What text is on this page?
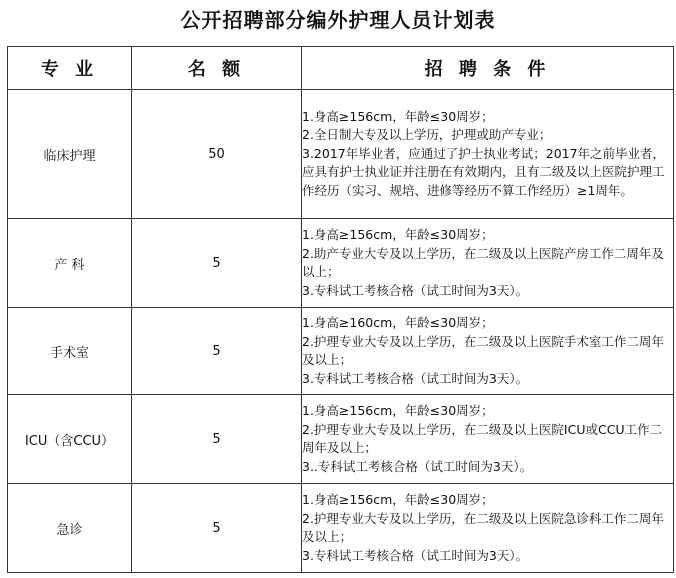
公开招聘部分编外护理人员计划表
专 业	名 额	招 聘 条 件
临床护理	50	1.身高≥156cm，年龄≤30周岁；
2.全日制大专及以上学历，护理或助产专业；
3.2017年毕业者，应通过了护士执业考试；2017年之前毕业者，应具有护士执业证并注册在有效期内，且有二级及以上医院护理工作经历（实习、规培、进修等经历不算工作经历）≥1周年。

产 科	5	1.身高≥156cm，年龄≤30周岁；
2.助产专业大专及以上学历，在二级及以上医院产房工作二周年及以上；
3.专科试工考核合格（试工时间为3天）。

手术室	5	1.身高≥160cm，年龄≤30周岁；
2.护理专业大专及以上学历，在二级及以上医院手术室工作二周年及以上；
3.专科试工考核合格（试工时间为3天）。

ICU（含CCU）	5	1.身高≥156cm，年龄≤30周岁；
2.护理专业大专及以上学历，在二级及以上医院ICU或CCU工作二周年及以上；
3..专科试工考核合格（试工时间为3天）。

急诊	5	1.身高≥156cm，年龄≤30周岁；
2.护理专业大专及以上学历，在二级及以上医院急诊科工作二周年及以上；
3.专科试工考核合格（试工时间为3天）。
